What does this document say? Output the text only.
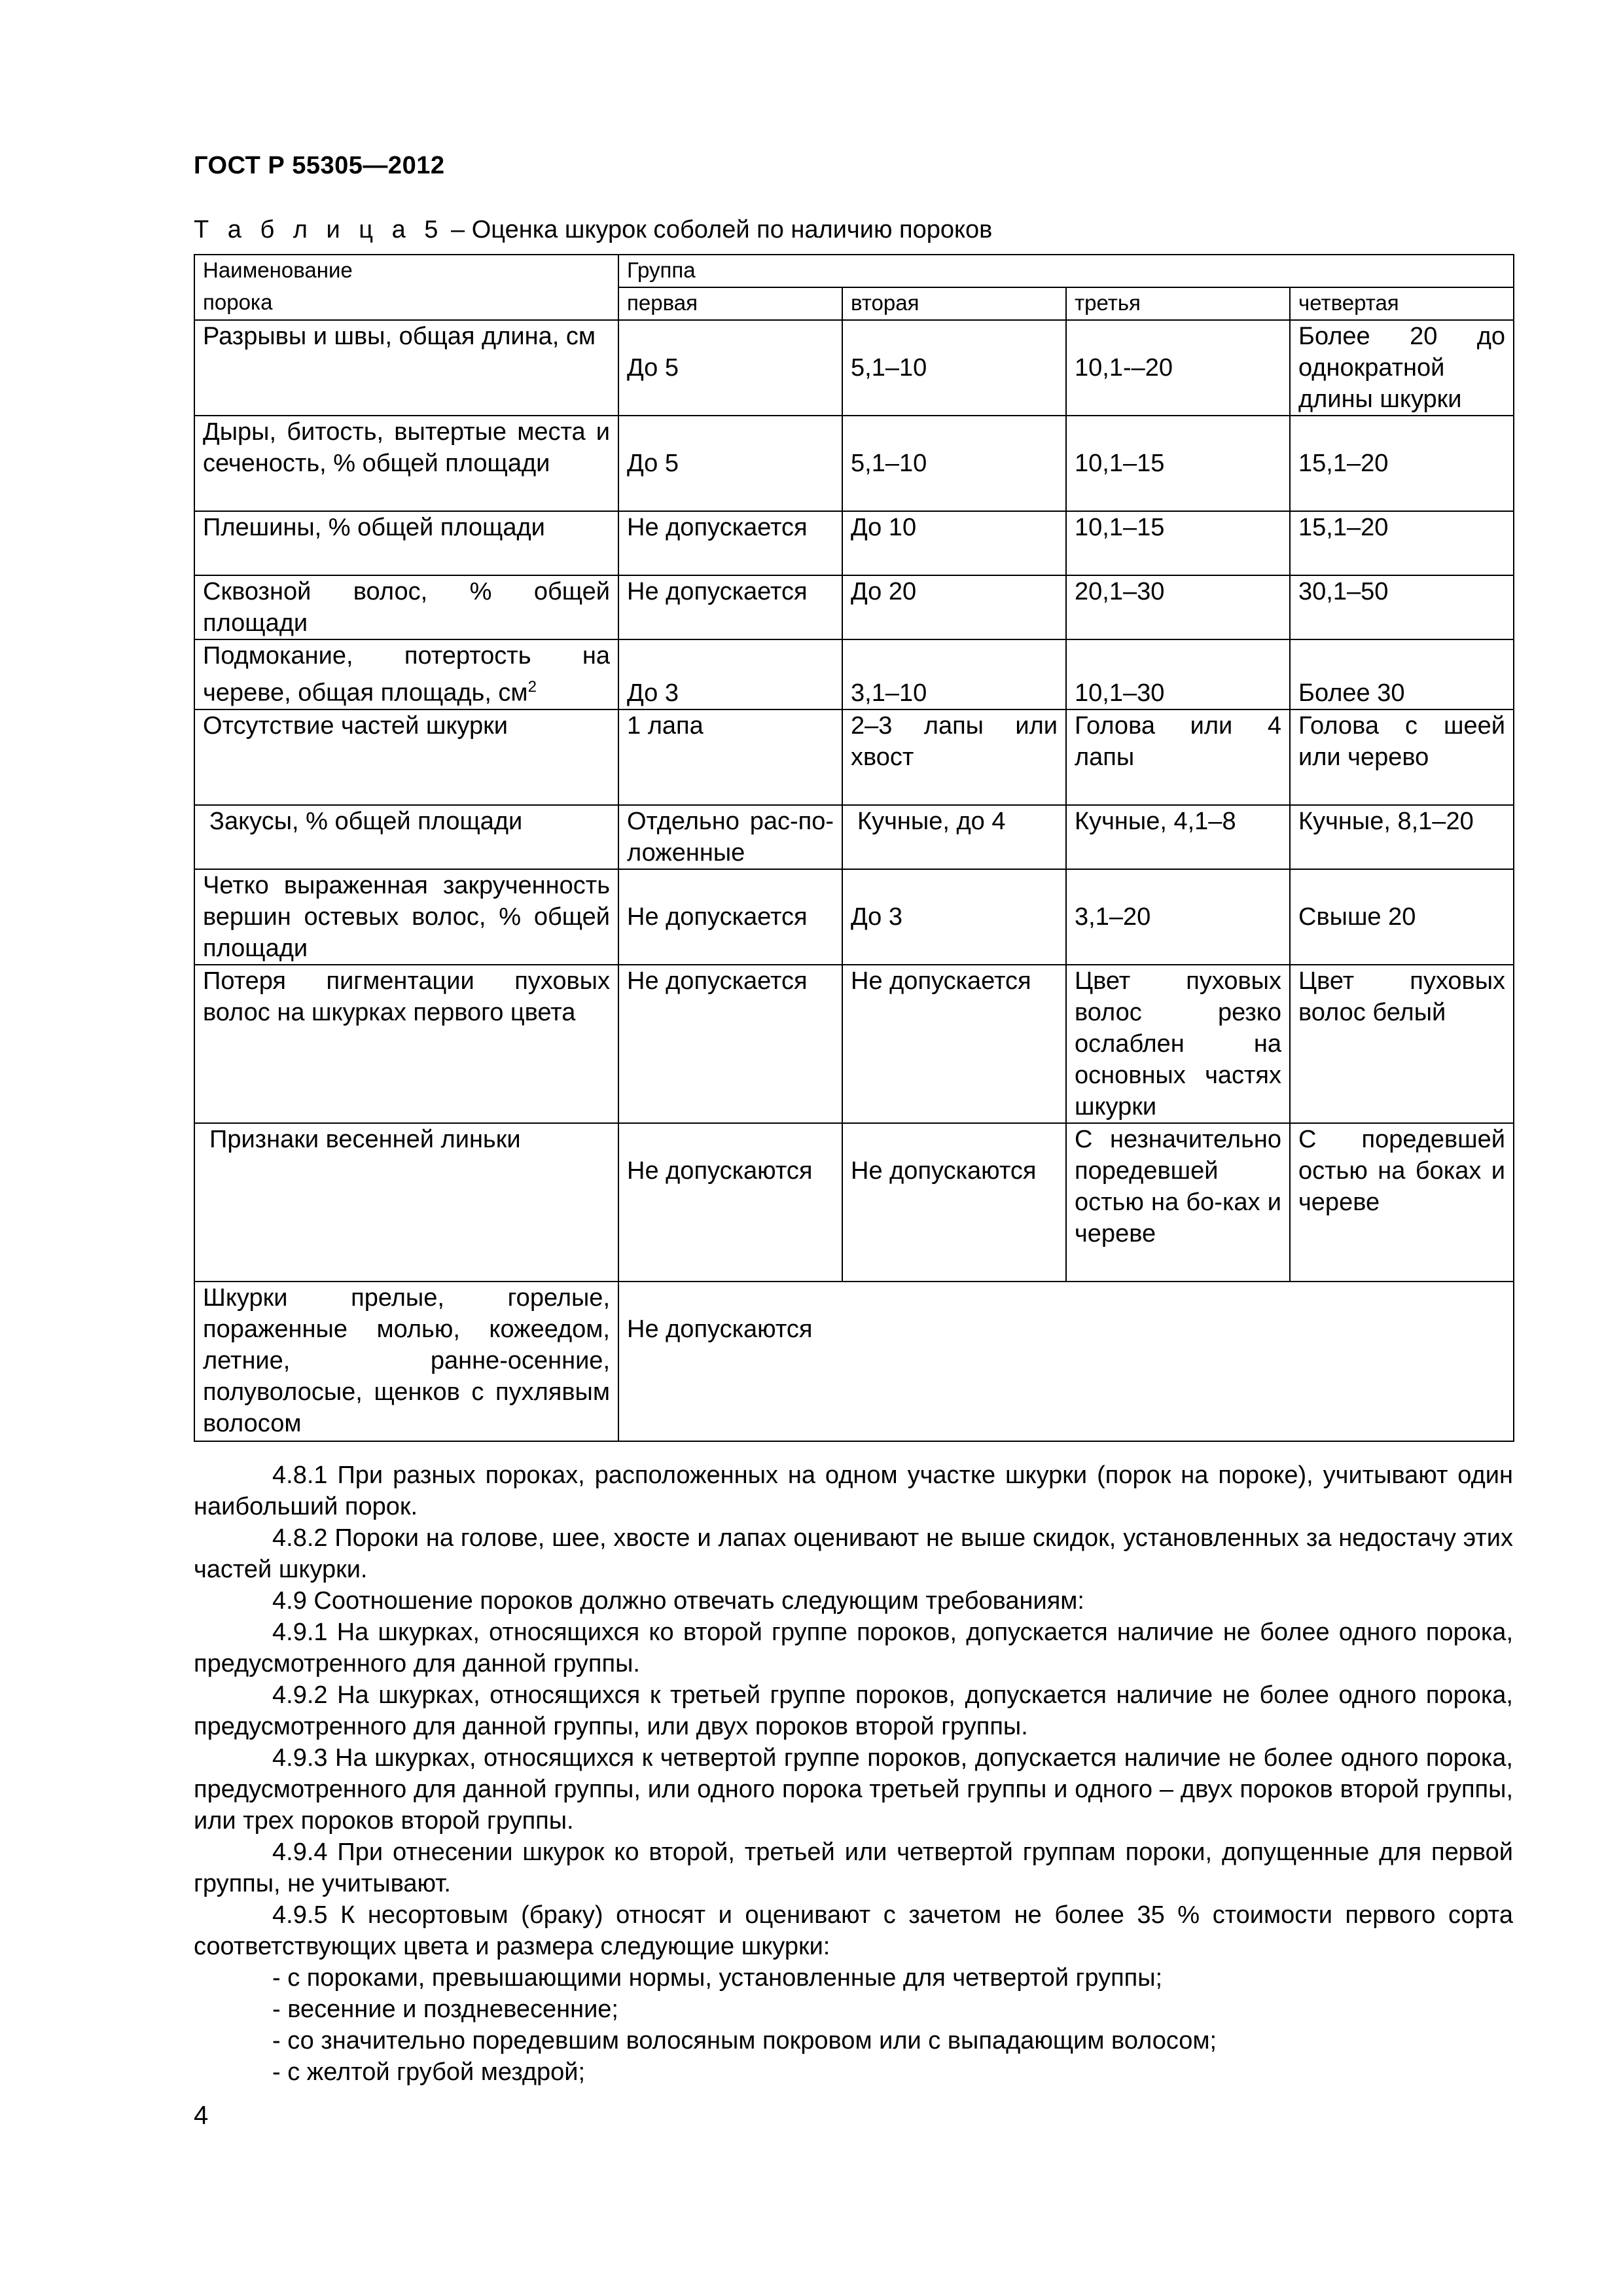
ГОСТ Р 55305—2012
Т а б л и ц а 5 – Оценка шкурок соболей по наличию пороков
Наименование	Группа			
порока	первая	вторая	третья	четвертая
Разрывы и швы, общая длина, см	До 5	5,1–10	10,1-–20	Более 20 до однократной длины шкурки
Дыры, битость, вытертые места и сеченость, % общей площади	До 5	5,1–10	10,1–15	15,1–20
Плешины, % общей площади	Не допускается	До 10	10,1–15	15,1–20
Сквозной волос, % общей площади	Не допускается	До 20	20,1–30	30,1–50
Подмокание, потертость на череве, общая площадь, $см^2$	До 3	3,1–10	10,1–30	Более 30
Отсутствие частей шкурки	1 лапа	2–3 лапы или хвост	Голова или 4 лапы	Голова с шеей или черево
Закусы, % общей площади	Отдельно рас-по-ложенные	Кучные, до 4	Кучные, 4,1–8	Кучные, 8,1–20
Четко выраженная закрученность вершин остевых волос, % общей площади	Не допускается	До 3	3,1–20	Свыше 20
Потеря пигментации пуховых волос на шкурках первого цвета	Не допускается	Не допускается	Цвет пуховых волос резко ослаблен на основных частях шкурки	Цвет пуховых волос белый
Признаки весенней линьки	Не допускаются	Не допускаются	С незначительно поредевшей остью на бо-ках и череве	С поредевшей остью на боках и череве
Шкурки прелые, горелые, пораженные молью, кожеедом, летние, ранне-осенние, полуволосые, щенков с пухлявым волосом	Не допускаются			

4.8.1 При разных пороках, расположенных на одном участке шкурки (порок на пороке), учитывают один наибольший порок.

4.8.2 Пороки на голове, шее, хвосте и лапах оценивают не выше скидок, установленных за недостачу этих частей шкурки.

4.9 Соотношение пороков должно отвечать следующим требованиям:

4.9.1 На шкурках, относящихся ко второй группе пороков, допускается наличие не более одного порока, предусмотренного для данной группы.

4.9.2 На шкурках, относящихся к третьей группе пороков, допускается наличие не более одного порока, предусмотренного для данной группы, или двух пороков второй группы.

4.9.3 На шкурках, относящихся к четвертой группе пороков, допускается наличие не более одного порока, предусмотренного для данной группы, или одного порока третьей группы и одного – двух пороков второй группы, или трех пороков второй группы.

4.9.4 При отнесении шкурок ко второй, третьей или четвертой группам пороки, допущенные для первой группы, не учитывают.

4.9.5 К несортовым (браку) относят и оценивают с зачетом не более 35 % стоимости первого сорта соответствующих цвета и размера следующие шкурки:

- с пороками, превышающими нормы, установленные для четвертой группы;

- весенние и поздневесенние;

- со значительно поредевшим волосяным покровом или с выпадающим волосом;

- с желтой грубой мездрой;

4
